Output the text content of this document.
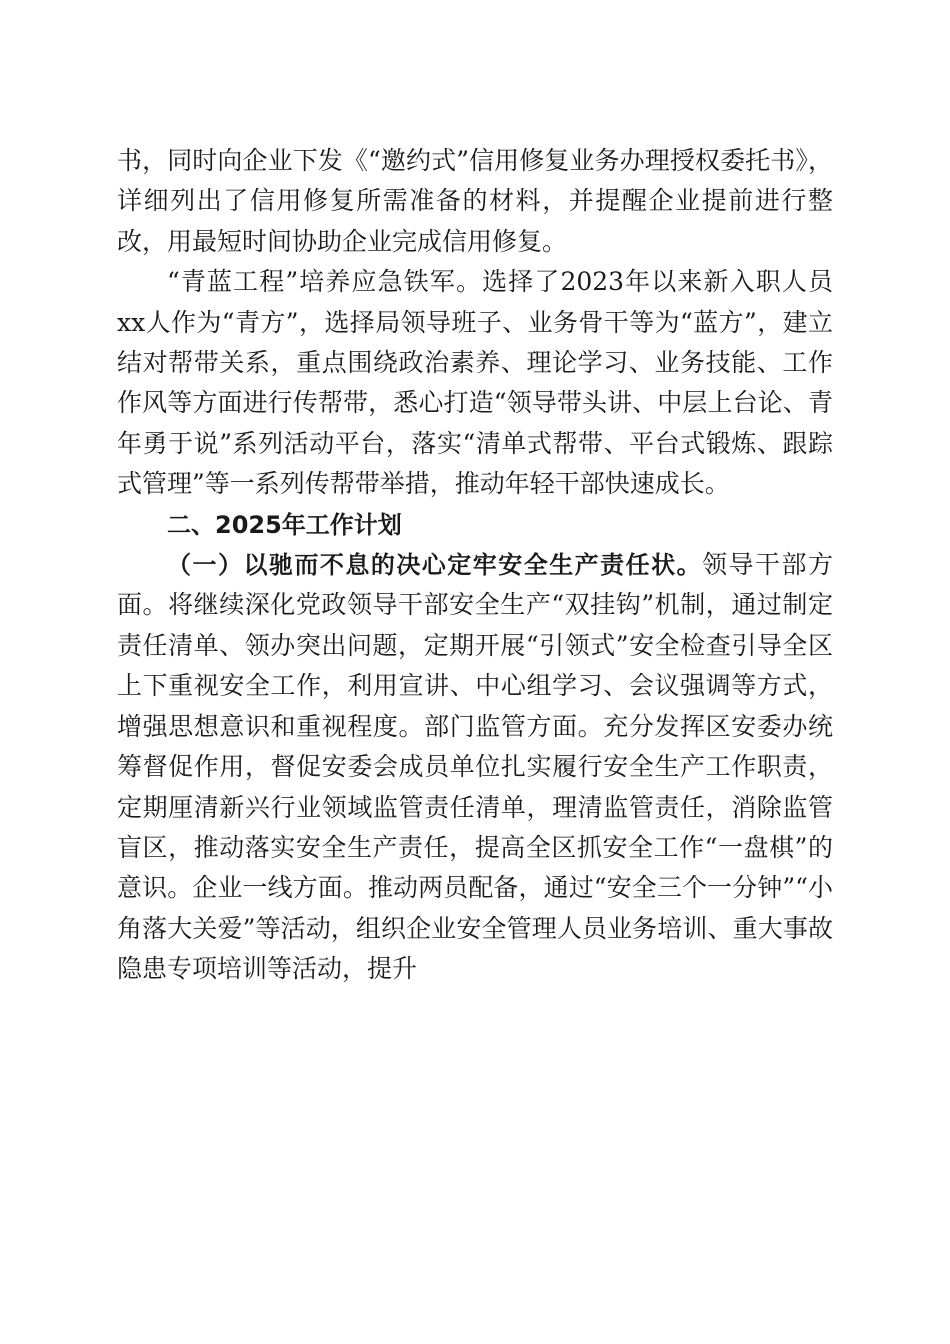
书，同时向企业下发《“邀约式”信用修复业务办理授权委托书》，详细列出了信用修复所需准备的材料，并提醒企业提前进行整改，用最短时间协助企业完成信用修复。

“青蓝工程”培养应急铁军。选择了2023年以来新入职人员xx人作为“青方”，选择局领导班子、业务骨干等为“蓝方”，建立结对帮带关系，重点围绕政治素养、理论学习、业务技能、工作作风等方面进行传帮带，悉心打造“领导带头讲、中层上台论、青年勇于说”系列活动平台，落实“清单式帮带、平台式锻炼、跟踪式管理”等一系列传帮带举措，推动年轻干部快速成长。

二、2025年工作计划

（一）以驰而不息的决心定牢安全生产责任状。领导干部方面。将继续深化党政领导干部安全生产“双挂钩”机制，通过制定责任清单、领办突出问题，定期开展“引领式”安全检查引导全区上下重视安全工作，利用宣讲、中心组学习、会议强调等方式，增强思想意识和重视程度。部门监管方面。充分发挥区安委办统筹督促作用，督促安委会成员单位扎实履行安全生产工作职责，定期厘清新兴行业领域监管责任清单，理清监管责任，消除监管盲区，推动落实安全生产责任，提高全区抓安全工作“一盘棋”的意识。企业一线方面。推动两员配备，通过“安全三个一分钟”“小角落大关爱”等活动，组织企业安全管理人员业务培训、重大事故隐患专项培训等活动，提升
